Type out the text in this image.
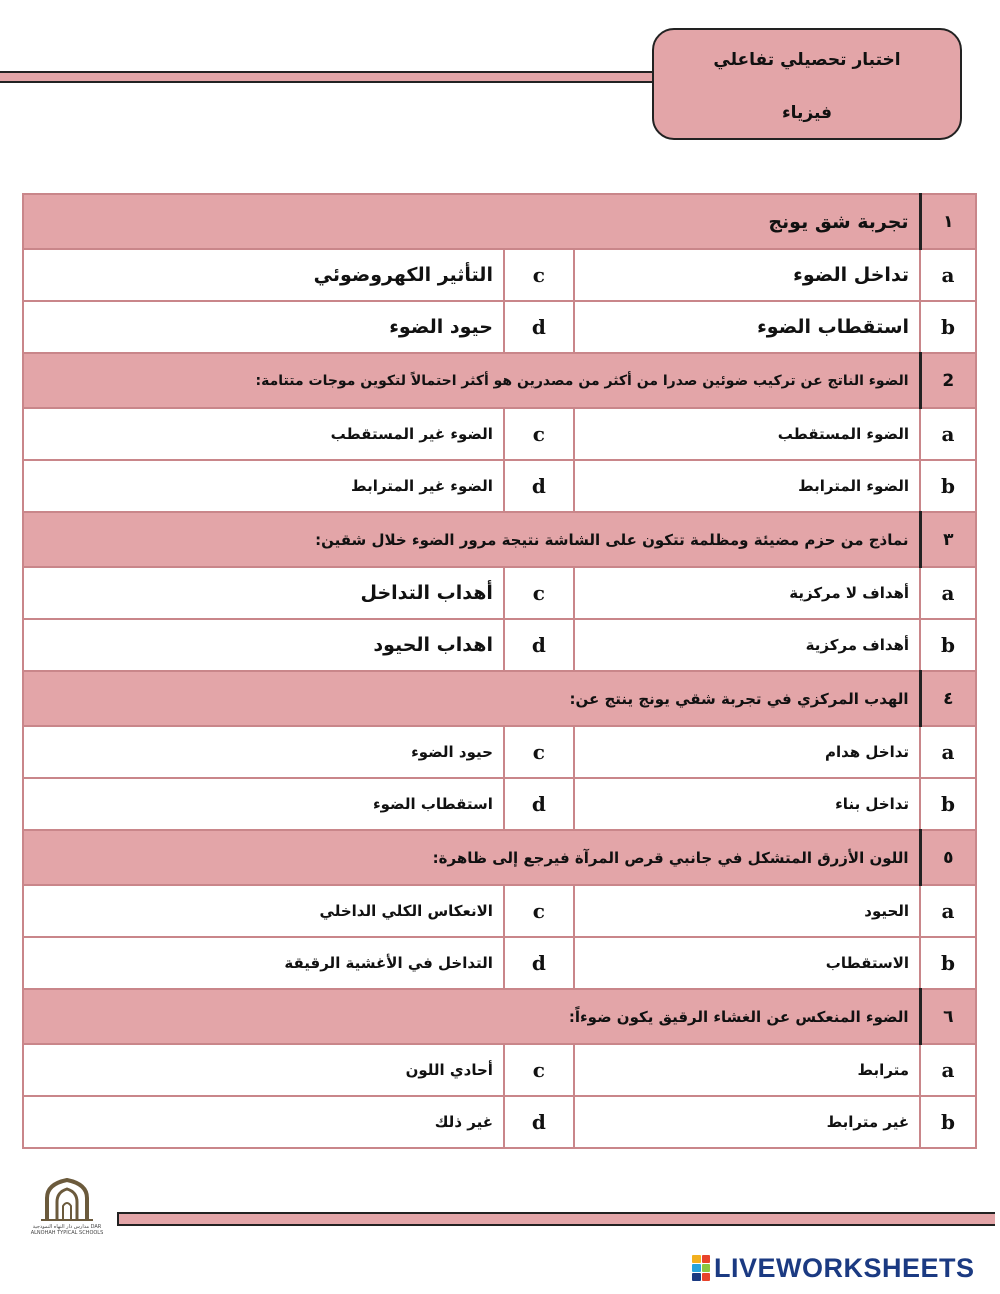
اختبار تحصيلي تفاعلي
فيزياء
تجربة شق يونج			١
التأثير الكهروضوئي	c	تداخل الضوء	a
حيود الضوء	d	استقطاب الضوء	b
الضوء الناتج عن تركيب ضوئين صدرا من أكثر من مصدرين هو أكثر احتمالاً لتكوين موجات متتامة:			2
الضوء غير المستقطب	c	الضوء المستقطب	a
الضوء غير المترابط	d	الضوء المترابط	b
نماذج من حزم مضيئة ومظلمة تتكون على الشاشة نتيجة مرور الضوء خلال شقين:			٣
أهداب التداخل	c	أهداف لا مركزية	a
اهداب الحيود	d	أهداف مركزية	b
الهدب المركزي في تجربة شقي يونج ينتج عن:			٤
حيود الضوء	c	تداخل هدام	a
استقطاب الضوء	d	تداخل بناء	b
اللون الأزرق المتشكل في جانبي قرص المرآة فيرجع إلى ظاهرة:			٥
الانعكاس الكلي الداخلي	c	الحيود	a
التداخل في الأغشية الرقيقة	d	الاستقطاب	b
الضوء المنعكس عن الغشاء الرقيق يكون ضوءاً:			٦
أحادي اللون	c	مترابط	a
غير ذلك	d	غير مترابط	b
مدارس دار النهاه النموذجية DAR ALNOHAH TYPICAL SCHOOLS
LIVEWORKSHEETS
